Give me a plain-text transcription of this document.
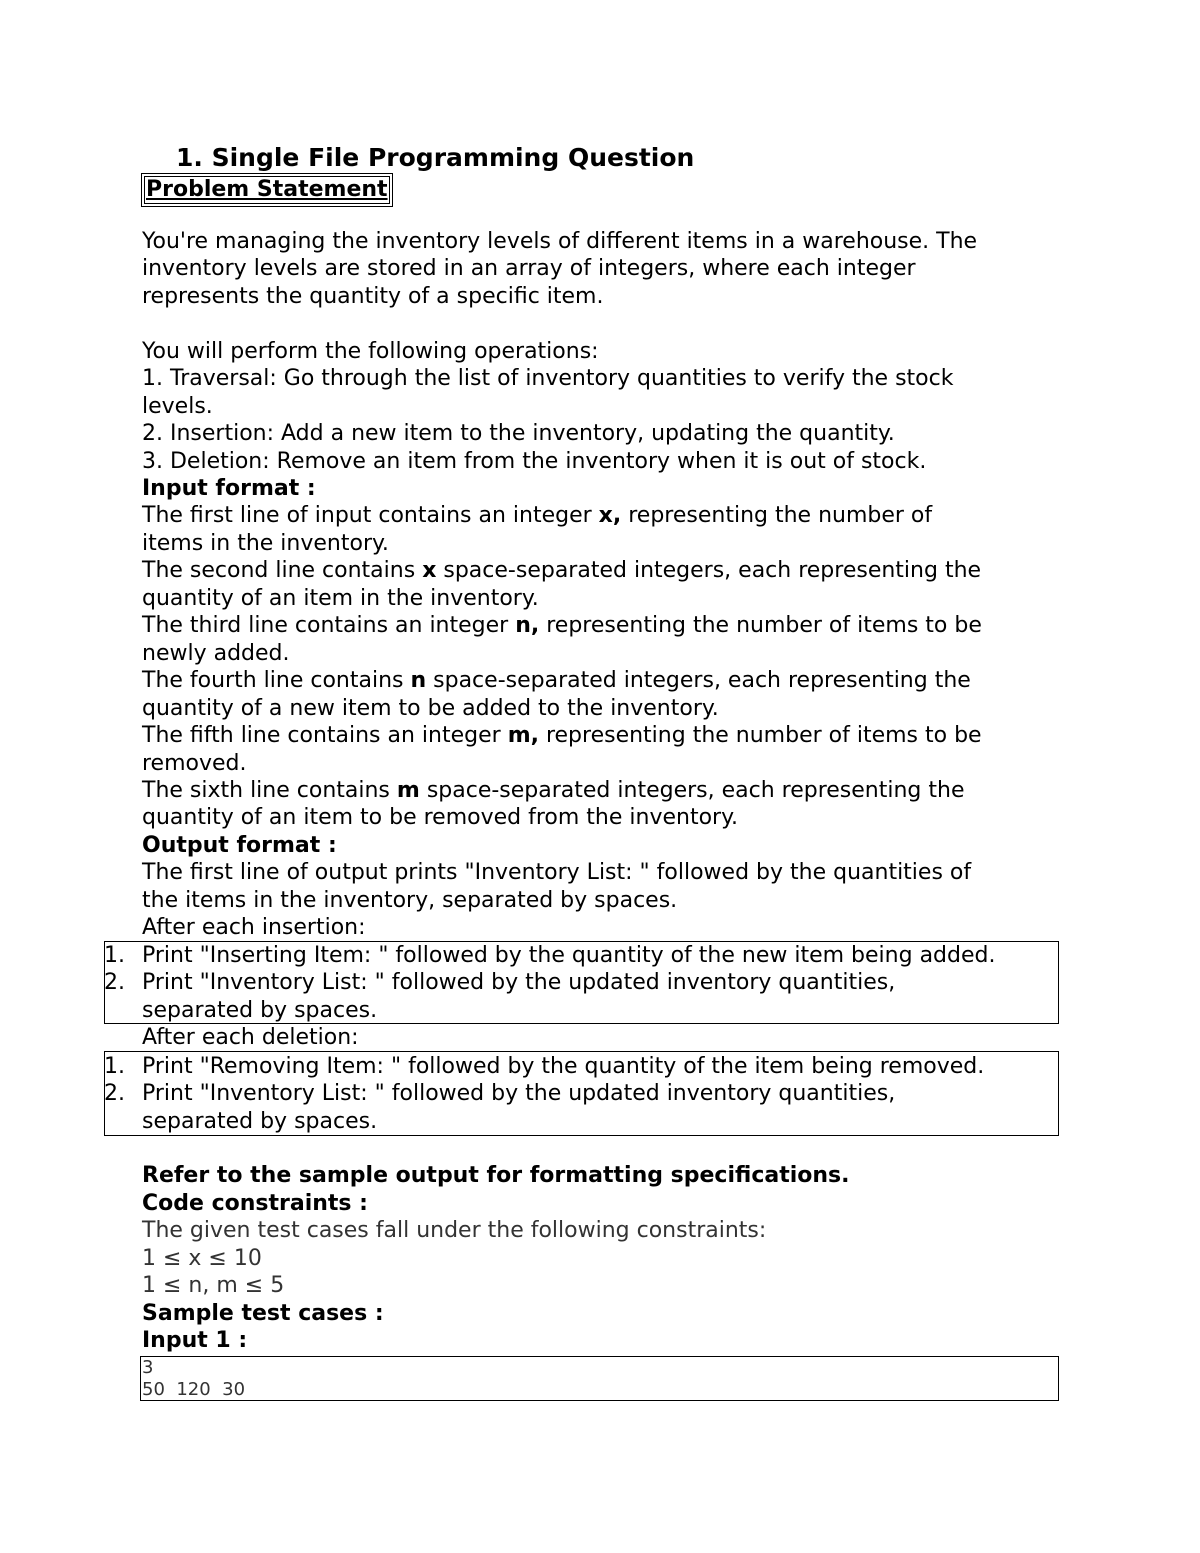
1. Single File Programming Question
Problem Statement
You're managing the inventory levels of different items in a warehouse. The
inventory levels are stored in an array of integers, where each integer
represents the quantity of a specific item.
You will perform the following operations:
1. Traversal: Go through the list of inventory quantities to verify the stock
levels.
2. Insertion: Add a new item to the inventory, updating the quantity.
3. Deletion: Remove an item from the inventory when it is out of stock.
Input format :
The first line of input contains an integer x, representing the number of
items in the inventory.
The second line contains x space-separated integers, each representing the
quantity of an item in the inventory.
The third line contains an integer n, representing the number of items to be
newly added.
The fourth line contains n space-separated integers, each representing the
quantity of a new item to be added to the inventory.
The fifth line contains an integer m, representing the number of items to be
removed.
The sixth line contains m space-separated integers, each representing the
quantity of an item to be removed from the inventory.
Output format :
The first line of output prints "Inventory List: " followed by the quantities of
the items in the inventory, separated by spaces.
After each insertion:
1. Print "Inserting Item: " followed by the quantity of the new item being added.
2. Print "Inventory List: " followed by the updated inventory quantities,
separated by spaces.
After each deletion:
1. Print "Removing Item: " followed by the quantity of the item being removed.
2. Print "Inventory List: " followed by the updated inventory quantities,
separated by spaces.
Refer to the sample output for formatting specifications.
Code constraints :
The given test cases fall under the following constraints:
1 ≤ x ≤ 10
1 ≤ n, m ≤ 5
Sample test cases :
Input 1 :
3
50  120  30
